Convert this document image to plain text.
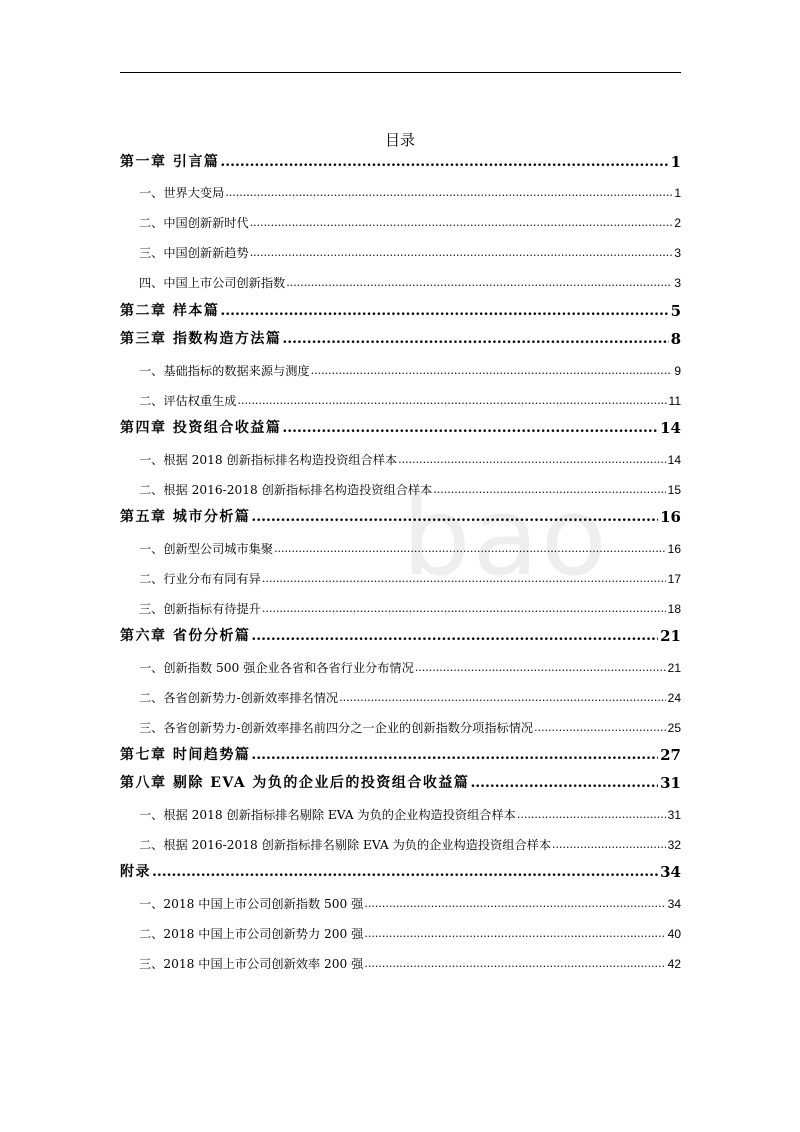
bao
目录
第一章 引言篇 .....	1
一、世界大变局 .....	1
二、中国创新新时代 .....	2
三、中国创新新趋势 .....	3
四、中国上市公司创新指数 .....	3
第二章 样本篇 .....	5
第三章 指数构造方法篇 .....	8
一、基础指标的数据来源与测度 .....	9
二、评估权重生成 .....	11
第四章 投资组合收益篇 .....	14
一、根据 2018 创新指标排名构造投资组合样本 .....	14
二、根据 2016-2018 创新指标排名构造投资组合样本 .....	15
第五章 城市分析篇 .....	16
一、创新型公司城市集聚 .....	16
二、行业分布有同有异 .....	17
三、创新指标有待提升 .....	18
第六章 省份分析篇 .....	21
一、创新指数 500 强企业各省和各省行业分布情况 .....	21
二、各省创新势力-创新效率排名情况 .....	24
三、各省创新势力-创新效率排名前四分之一企业的创新指数分项指标情况 .....	25
第七章 时间趋势篇 .....	27
第八章 剔除 EVA 为负的企业后的投资组合收益篇 .....	31
一、根据 2018 创新指标排名剔除 EVA 为负的企业构造投资组合样本 .....	31
二、根据 2016-2018 创新指标排名剔除 EVA 为负的企业构造投资组合样本 .....	32
附录 .....	34
一、2018 中国上市公司创新指数 500 强 .....	34
二、2018 中国上市公司创新势力 200 强 .....	40
三、2018 中国上市公司创新效率 200 强 .....	42
